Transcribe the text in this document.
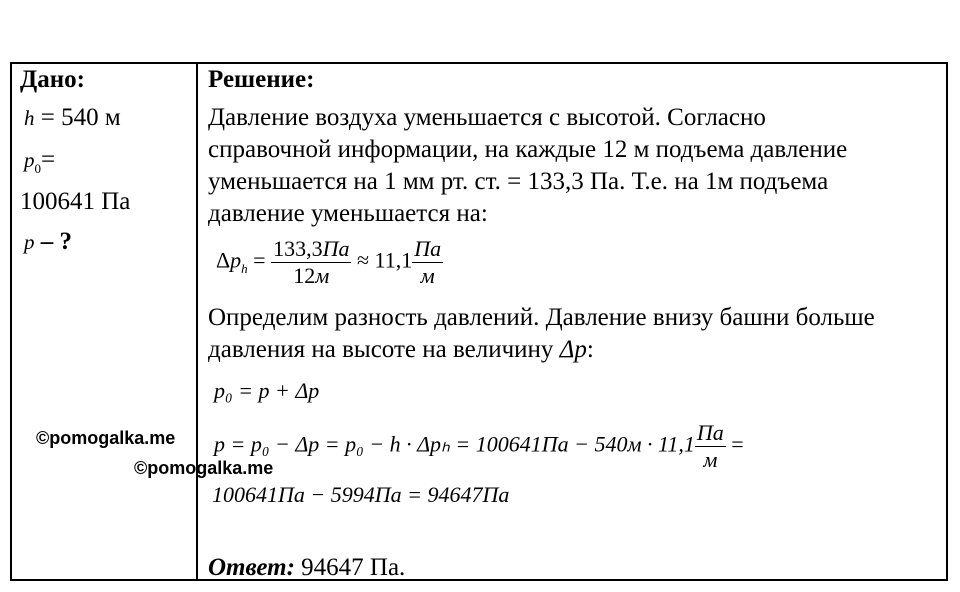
Дано:
h = 540 м
$p_0=$
100641 Па
p – ?
Решение:
Давление воздуха уменьшается с высотой. Согласно
справочной информации, на каждые 12 м подъема давление
уменьшается на 1 мм рт. ст. = 133,3 Па. Т.е. на 1м подъема
давление уменьшается на:
$\Delta p_h = \frac{133,3Па}{12м} \approx 11,1 \frac{Па}{м}$
Определим разность давлений. Давление внизу башни больше
давления на высоте на величину Δp:
p₀ = p + Δp
$p = p_0 - \Delta p = p_0 - h \cdot \Delta p_h = 100641Па - 540м \cdot 11,1 \frac{Па}{м}$ =
100641Па − 5994Па = 94647Па
Ответ: 94647 Па.
©pomogalka.me
©pomogalka.me
